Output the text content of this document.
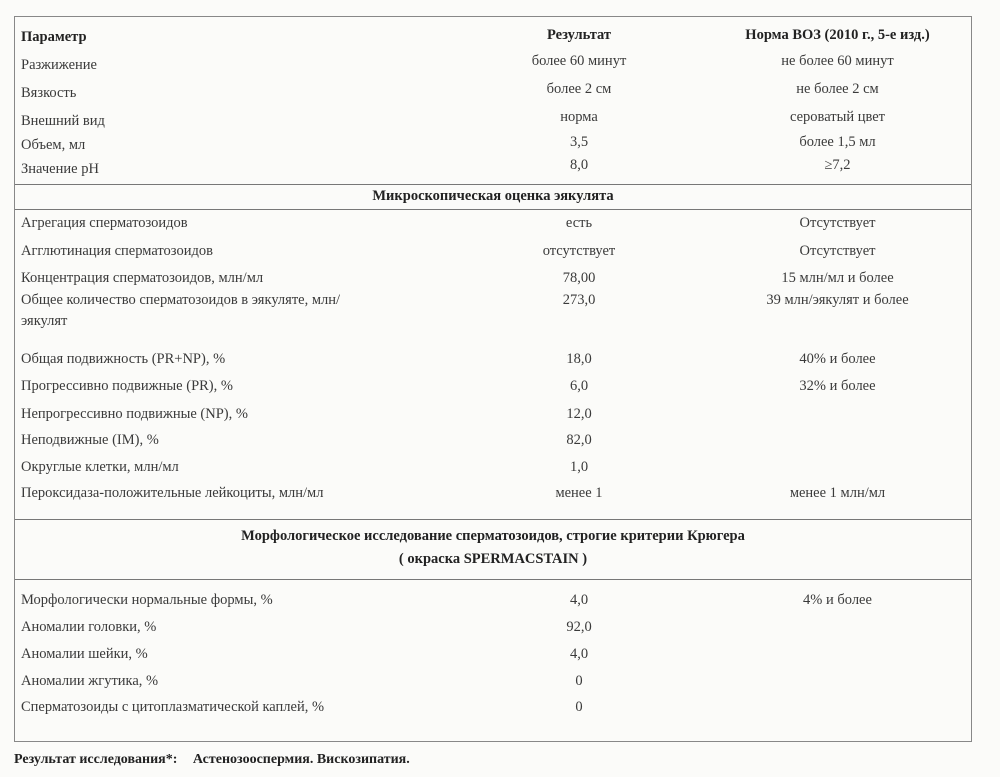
Параметр	Результат	Норма ВОЗ (2010 г., 5-е изд.)
Разжижение	более 60 минут	не более 60 минут
Вязкость	более 2 см	не более 2 см
Внешний вид	норма	сероватый цвет
Объем, мл	3,5	более 1,5 мл
Значение pH	8,0	≥7,2
Микроскопическая оценка эякулята
Агрегация сперматозоидов	есть	Отсутствует
Агглютинация сперматозоидов	отсутствует	Отсутствует
Концентрация сперматозоидов, млн/мл	78,00	15 млн/мл и более
Общее количество сперматозоидов в эякуляте, млн/	273,0	39 млн/эякулят и более
эякулят
Общая подвижность (PR+NP), %	18,0	40% и более
Прогрессивно подвижные (PR), %	6,0	32% и более
Непрогрессивно подвижные (NP), %	12,0
Неподвижные (IM), %	82,0
Округлые клетки, млн/мл	1,0
Пероксидаза-положительные лейкоциты, млн/мл	менее 1	менее 1 млн/мл
Морфологическое исследование сперматозоидов, строгие критерии Крюгера
( окраска SPERMACSTAIN )
Морфологически нормальные формы, %	4,0	4% и более
Аномалии головки, %	92,0
Аномалии шейки, %	4,0
Аномалии жгутика, %	0
Сперматозоиды с цитоплазматической каплей, %	0
Результат исследования*: Астенозооспермия. Вискозипатия.
